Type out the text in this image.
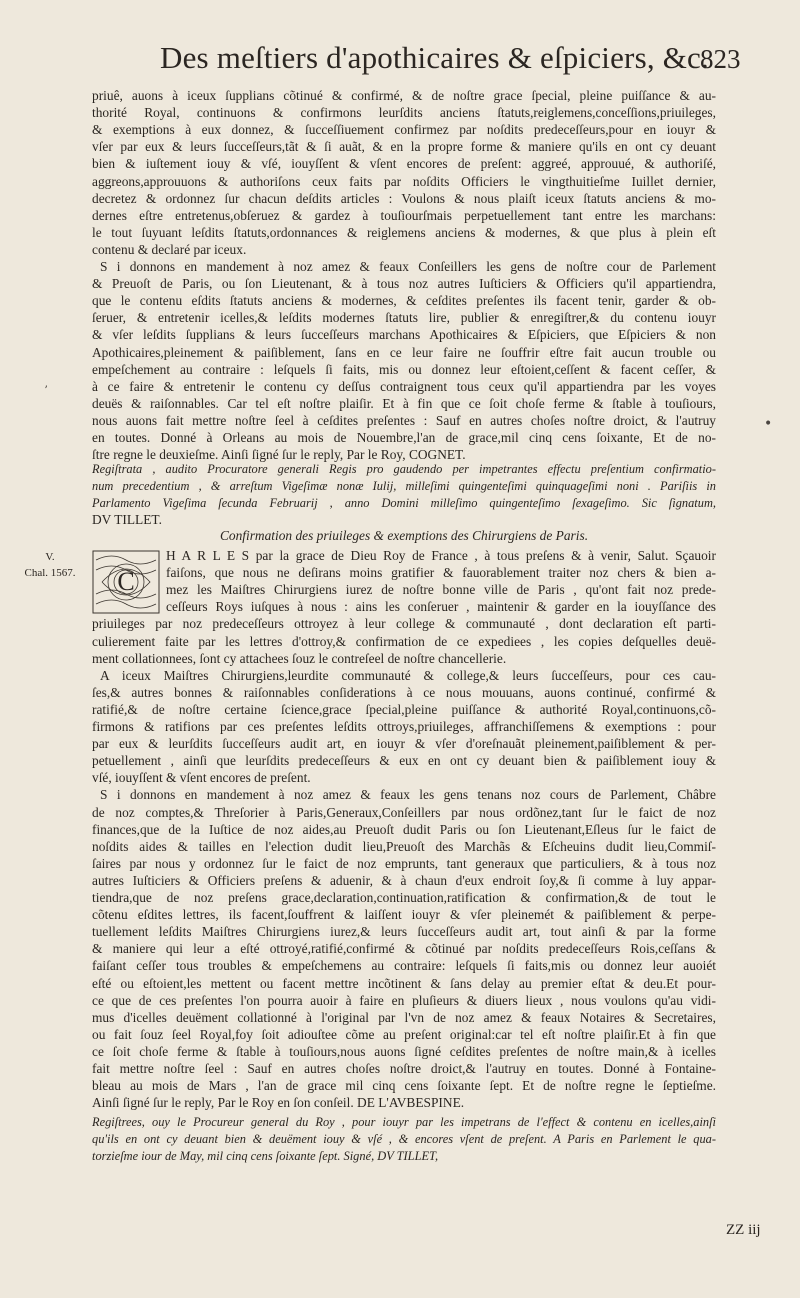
Des meſtiers d'apothicaires & eſpiciers, &c.
823
priuê, auons à iceux ſupplians cõtinué & confirmé, & de noſtre grace ſpecial, pleine puiſſance & au-
thorité Royal, continuons & confirmons leurſdits anciens ſtatuts,reiglemens,conceſſions,priuileges,
& exemptions à eux donnez, & ſucceſſiuement confirmez par noſdits predeceſſeurs,pour en iouyr &
vſer par eux & leurs ſucceſſeurs,tãt & ſi auãt, & en la propre forme & maniere qu'ils en ont cy deuant
bien & iuſtement iouy & vſé, iouyſſent & vſent encores de preſent: aggreé, approuué, & authoriſé,
aggreons,approuuons & authoriſons ceux faits par noſdits Officiers le vingthuitieſme Iuillet dernier,
decretez & ordonnez ſur chacun deſdits articles : Voulons & nous plaiſt iceux ſtatuts anciens & mo-
dernes eſtre entretenus,obſeruez & gardez à touſiourſmais perpetuellement tant entre les marchans:
le tout ſuyuant leſdits ſtatuts,ordonnances & reiglemens anciens & modernes, & que plus à plein eſt
contenu & declaré par iceux.
S i donnons en mandement à noz amez & feaux Conſeillers les gens de noſtre cour de Parlement
& Preuoſt de Paris, ou ſon Lieutenant, & à tous noz autres Iuſticiers & Officiers qu'il appartiendra,
que le contenu eſdits ſtatuts anciens & modernes, & ceſdites preſentes ils facent tenir, garder & ob-
ſeruer, & entretenir icelles,& leſdits modernes ſtatuts lire, publier & enregiſtrer,& du contenu iouyr
& vſer leſdits ſupplians & leurs ſucceſſeurs marchans Apothicaires & Eſpiciers, que Eſpiciers & non
Apothicaires,pleinement & paiſiblement, ſans en ce leur faire ne ſouffrir eſtre fait aucun trouble ou
empeſchement au contraire : leſquels ſi faits, mis ou donnez leur eſtoient,ceſſent & facent ceſſer, &
à ce faire & entretenir le contenu cy deſſus contraignent tous ceux qu'il appartiendra par les voyes
deuës & raiſonnables. Car tel eſt noſtre plaiſir. Et à fin que ce ſoit choſe ferme & ſtable à touſiours,
nous auons fait mettre noſtre ſeel à ceſdites preſentes : Sauf en autres choſes noſtre droict, & l'autruy
en toutes. Donné à Orleans au mois de Nouembre,l'an de grace,mil cinq cens ſoixante, Et de no-
ſtre regne le deuxieſme. Ainſi ſigné ſur le reply, Par le Roy, COGNET.
Regiſtrata , audito Procuratore generali Regis pro gaudendo per impetrantes effectu preſentium confirmatio-
num precedentium , & arreſtum Vigeſimæ nonæ Iulij, milleſimi quingenteſimi quinquageſimi noni . Pariſiis in
Parlamento Vigeſima ſecunda Februarij , anno Domini milleſimo quingenteſimo ſexageſimo. Sic ſignatum,
DV TILLET.
Confirmation des priuileges & exemptions des Chirurgiens de Paris.
H A R L E S par la grace de Dieu Roy de France , à tous preſens & à venir, Salut. Sçauoir
faiſons, que nous ne deſirans moins gratifier & fauorablement traiter noz chers & bien a-
mez les Maiſtres Chirurgiens iurez de noſtre bonne ville de Paris , qu'ont fait noz prede-
ceſſeurs Roys iuſques à nous : ains les conſeruer , maintenir & garder en la iouyſſance des
priuileges par noz predeceſſeurs ottroyez à leur college & communauté , dont declaration eſt parti-
culierement faite par les lettres d'ottroy,& confirmation de ce expediees , les copies deſquelles deuë-
ment collationnees, ſont cy attachees ſouz le contreſeel de noſtre chancellerie.
A iceux Maiſtres Chirurgiens,leurdite communauté & college,& leurs ſucceſſeurs, pour ces cau-
ſes,& autres bonnes & raiſonnables conſiderations à ce nous mouuans, auons continué, confirmé &
ratifié,& de noſtre certaine ſcience,grace ſpecial,pleine puiſſance & authorité Royal,continuons,cõ-
firmons & ratifions par ces preſentes leſdits ottroys,priuileges, affranchiſſemens & exemptions : pour
par eux & leurſdits ſucceſſeurs audit art, en iouyr & vſer d'oreſnauãt pleinement,paiſiblement & per-
petuellement , ainſi que leurſdits predeceſſeurs & eux en ont cy deuant bien & paiſiblement iouy &
vſé, iouyſſent & vſent encores de preſent.
S i donnons en mandement à noz amez & feaux les gens tenans noz cours de Parlement, Châbre
de noz comptes,& Threſorier à Paris,Generaux,Conſeillers par nous ordõnez,tant ſur le faict de noz
finances,que de la Iuſtice de noz aides,au Preuoſt dudit Paris ou ſon Lieutenant,Eſleus ſur le faict de
noſdits aides & tailles en l'election dudit lieu,Preuoſt des Marchãs & Eſcheuins dudit lieu,Commiſ-
ſaires par nous y ordonnez ſur le faict de noz emprunts, tant generaux que particuliers, & à tous noz
autres Iuſticiers & Officiers preſens & aduenir, & à chaun d'eux endroit ſoy,& ſi comme à luy appar-
tiendra,que de noz preſens grace,declaration,continuation,ratification & confirmation,& de tout le
cõtenu eſdites lettres, ils facent,ſouffrent & laiſſent iouyr & vſer pleinemét & paiſiblement & perpe-
tuellement leſdits Maiſtres Chirurgiens iurez,& leurs ſucceſſeurs audit art, tout ainſi & par la forme
& maniere qui leur a eſté ottroyé,ratifié,confirmé & cõtinué par noſdits predeceſſeurs Rois,ceſſans &
faiſant ceſſer tous troubles & empeſchemens au contraire: leſquels ſi faits,mis ou donnez leur auoiét
eſté ou eſtoient,les mettent ou facent mettre incõtinent & ſans delay au premier eſtat & deu.Et pour-
ce que de ces preſentes l'on pourra auoir à faire en pluſieurs & diuers lieux , nous voulons qu'au vidi-
mus d'icelles deuëment collationné à l'original par l'vn de noz amez & feaux Notaires & Secretaires,
ou fait ſouz ſeel Royal,foy ſoit adiouſtee cõme au preſent original:car tel eſt noſtre plaiſir.Et à fin que
ce ſoit choſe ferme & ſtable à touſiours,nous auons ſigné ceſdites preſentes de noſtre main,& à icelles
fait mettre noſtre ſeel : Sauf en autres choſes noſtre droict,& l'autruy en toutes. Donné à Fontaine-
bleau au mois de Mars , l'an de grace mil cinq cens ſoixante ſept. Et de noſtre regne le ſeptieſme.
Ainſi ſigné ſur le reply, Par le Roy en ſon conſeil. DE L'AVBESPINE.
Regiſtrees, ouy le Procureur general du Roy , pour iouyr par les impetrans de l'effect & contenu en icelles,ainſi
qu'ils en ont cy deuant bien & deuëment iouy & vſé , & encores vſent de preſent. A Paris en Parlement le qua-
torzieſme iour de May, mil cinq cens ſoixante ſept. Signé, DV TILLET,
V.
Chal. 1567. C
ZZ iij
ʼ
•
